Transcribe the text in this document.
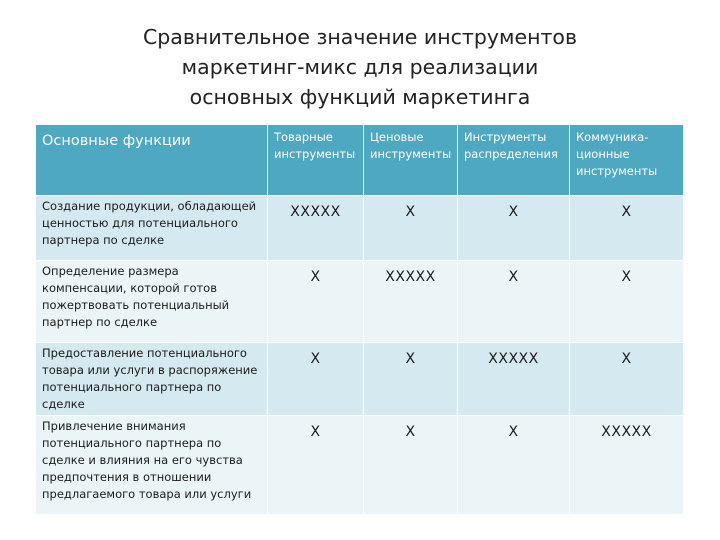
Сравнительное значение инструментов
маркетинг-микс для реализации
основных функций маркетинга
Основные функции	Товарные инструменты	Ценовые инструменты	Инструменты распределения	Коммуника-ционные инструменты
Создание продукции, обладающей ценностью для потенциального партнера по сделке	XXXXX	X	X	X
Определение размера компенсации, которой готов пожертвовать потенциальный партнер по сделке	X	XXXXX	X	X
Предоставление потенциального товара или услуги в распоряжение потенциального партнера по сделке	X	X	XXXXX	X
Привлечение внимания потенциального партнера по сделке и влияния на его чувства предпочтения в отношении предлагаемого товара или услуги	X	X	X	XXXXX
